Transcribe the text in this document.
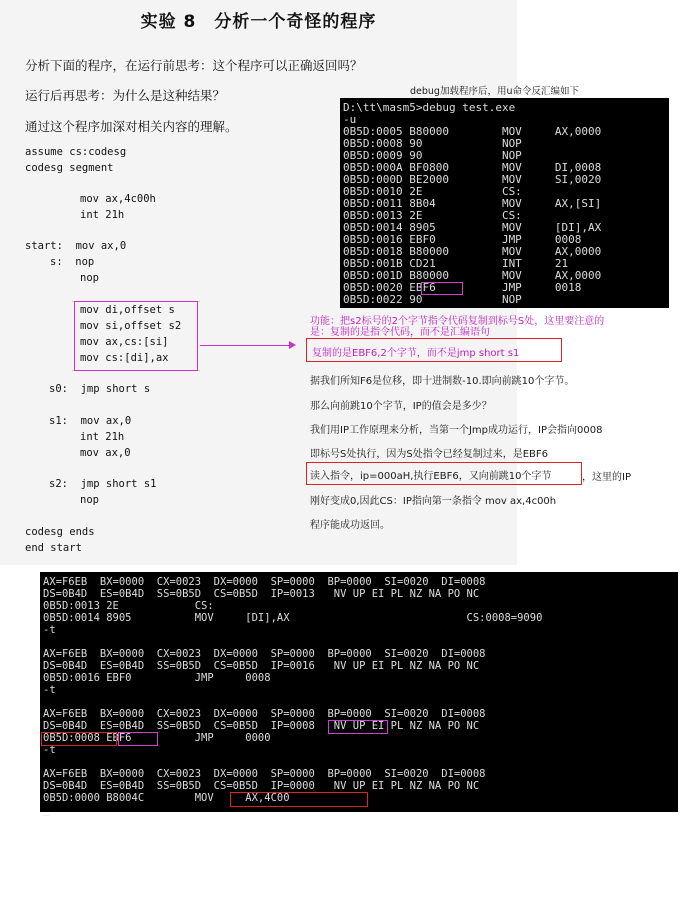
实验 8　分析一个奇怪的程序
分析下面的程序，在运行前思考：这个程序可以正确返回吗？
运行后再思考：为什么是这种结果？
通过这个程序加深对相关内容的理解。
assume cs:codesg
codesg segment
mov ax,4c00h
int 21h
start:  mov ax,0
s:  nop
nop
mov di,offset s
mov si,offset s2
mov ax,cs:[si]
mov cs:[di],ax
s0:  jmp short s
s1:  mov ax,0
int 21h
mov ax,0
s2:  jmp short s1
nop
codesg ends
end start
debug加载程序后，用u命令反汇编如下
D:\tt\masm5>debug test.exe
-u
0B5D:0005 B80000        MOV     AX,0000
0B5D:0008 90            NOP
0B5D:0009 90            NOP
0B5D:000A BF0800        MOV     DI,0008
0B5D:000D BE2000        MOV     SI,0020
0B5D:0010 2E            CS:
0B5D:0011 8B04          MOV     AX,[SI]
0B5D:0013 2E            CS:
0B5D:0014 8905          MOV     [DI],AX
0B5D:0016 EBF0          JMP     0008
0B5D:0018 B80000        MOV     AX,0000
0B5D:001B CD21          INT     21
0B5D:001D B80000        MOV     AX,0000
0B5D:0020 EBF6          JMP     0018
0B5D:0022 90            NOP
功能：把s2标号的2个字节指令代码复制到标号S处，这里要注意的
是：复制的是指令代码，而不是汇编语句
复制的是EBF6,2个字节，而不是jmp short s1
据我们所知F6是位移，即十进制数-10.即向前跳10个字节。
那么向前跳10个字节，IP的值会是多少？
我们用IP工作原理来分析，当第一个Jmp成功运行，IP会指向0008
即标号S处执行，因为S处指令已经复制过来，是EBF6
读入指令，ip=000aH,执行EBF6，又向前跳10个字节	，这里的IP
刚好变成0,因此CS：IP指向第一条指令 mov ax,4c00h
程序能成功返回。
AX=F6EB  BX=0000  CX=0023  DX=0000  SP=0000  BP=0000  SI=0020  DI=0008
DS=0B4D  ES=0B4D  SS=0B5D  CS=0B5D  IP=0013   NV UP EI PL NZ NA PO NC
0B5D:0013 2E            CS:
0B5D:0014 8905          MOV     [DI],AX                            CS:0008=9090
-t
AX=F6EB  BX=0000  CX=0023  DX=0000  SP=0000  BP=0000  SI=0020  DI=0008
DS=0B4D  ES=0B4D  SS=0B5D  CS=0B5D  IP=0016   NV UP EI PL NZ NA PO NC
0B5D:0016 EBF0          JMP     0008
-t
AX=F6EB  BX=0000  CX=0023  DX=0000  SP=0000  BP=0000  SI=0020  DI=0008
DS=0B4D  ES=0B4D  SS=0B5D  CS=0B5D  IP=0008   NV UP EI PL NZ NA PO NC
0B5D:0008 EBF6          JMP     0000
-t
AX=F6EB  BX=0000  CX=0023  DX=0000  SP=0000  BP=0000  SI=0020  DI=0008
DS=0B4D  ES=0B4D  SS=0B5D  CS=0B5D  IP=0000   NV UP EI PL NZ NA PO NC
0B5D:0000 B8004C        MOV     AX,4C00
_
